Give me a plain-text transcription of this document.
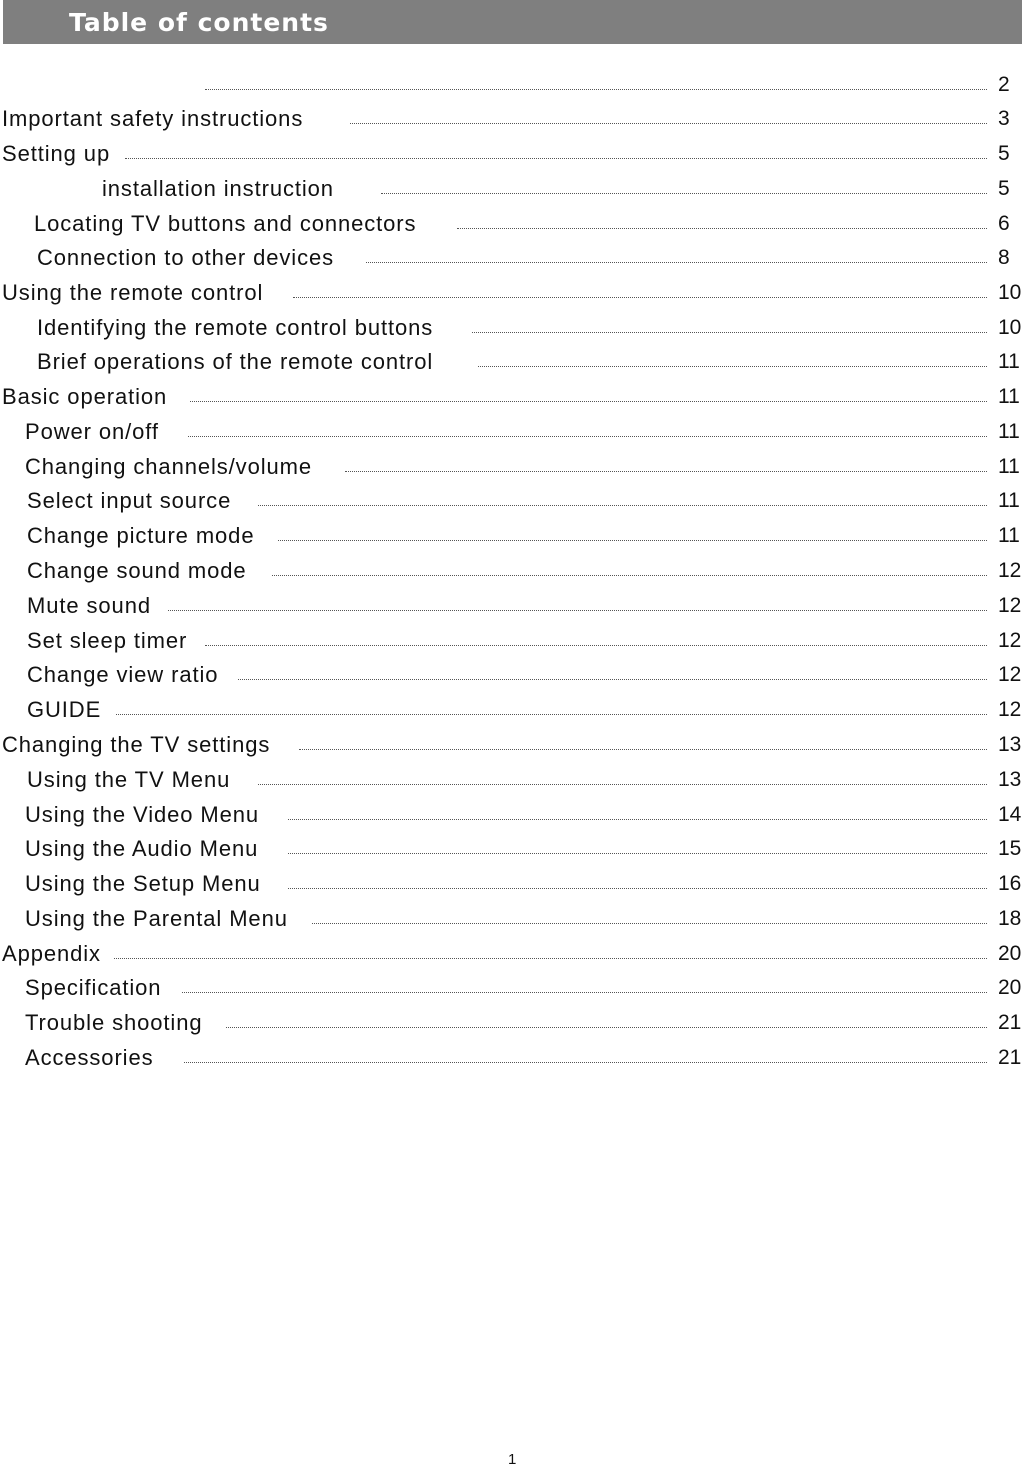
Table of contents
2
Important safety instructions	3
Setting up	5
installation instruction	5
Locating TV buttons and connectors	6
Connection to other devices	8
Using the remote control	10
Identifying the remote control buttons	10
Brief operations of the remote control	11
Basic operation	11
Power on/off	11
Changing channels/volume	11
Select input source	11
Change picture mode	11
Change sound mode	12
Mute sound	12
Set sleep timer	12
Change view ratio	12
GUIDE	12
Changing the TV settings	13
Using the TV Menu	13
Using the Video Menu	14
Using the Audio Menu	15
Using the Setup Menu	16
Using the Parental Menu	18
Appendix	20
Specification	20
Trouble shooting	21
Accessories	21
1
